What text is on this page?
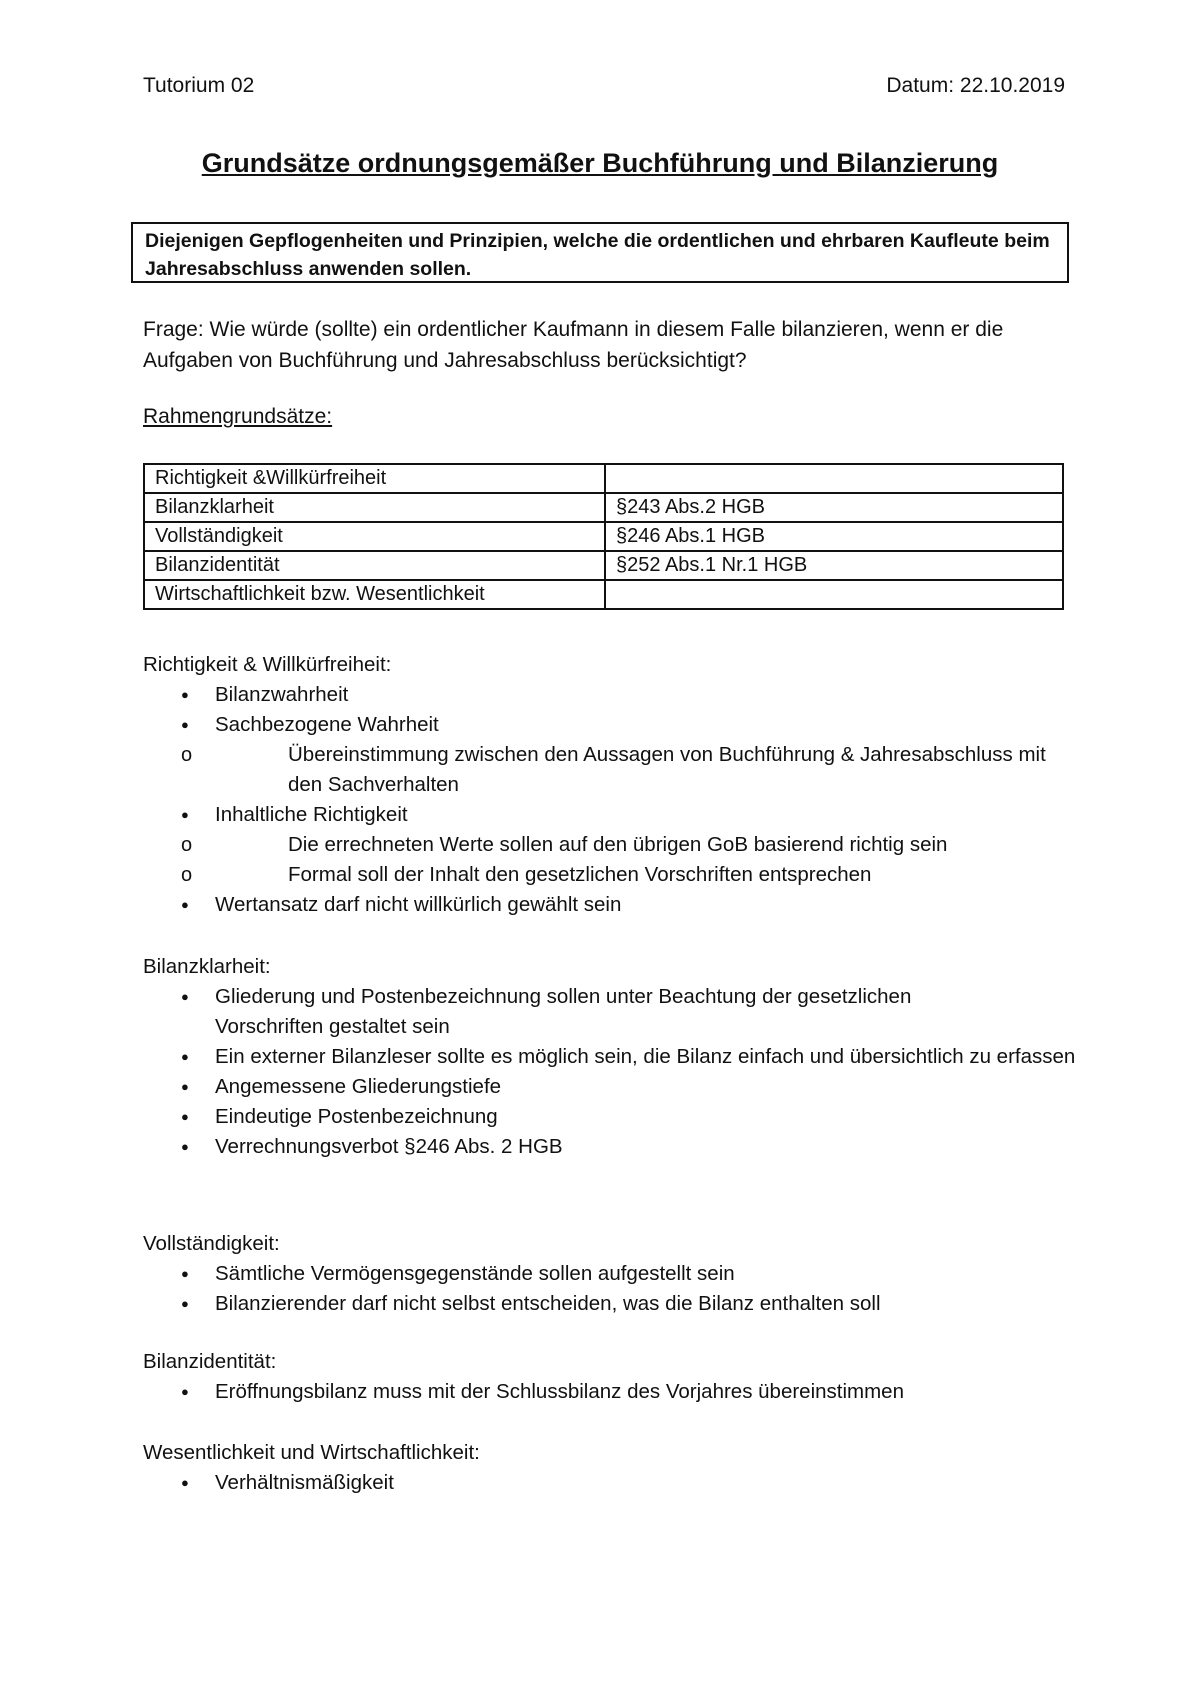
Tutorium 02	Datum: 22.10.2019
Grundsätze ordnungsgemäßer Buchführung und Bilanzierung
Diejenigen Gepflogenheiten und Prinzipien, welche die ordentlichen und ehrbaren Kaufleute beim Jahresabschluss anwenden sollen.
Frage: Wie würde (sollte) ein ordentlicher Kaufmann in diesem Falle bilanzieren, wenn er die Aufgaben von Buchführung und Jahresabschluss berücksichtigt?
Rahmengrundsätze:
Richtigkeit &Willkürfreiheit	
Bilanzklarheit	§243 Abs.2 HGB
Vollständigkeit	§246 Abs.1 HGB
Bilanzidentität	§252 Abs.1 Nr.1 HGB
Wirtschaftlichkeit bzw. Wesentlichkeit	
Richtigkeit & Willkürfreiheit:
● Bilanzwahrheit
● Sachbezogene Wahrheit
o Übereinstimmung zwischen den Aussagen von Buchführung & Jahresabschluss mit den Sachverhalten
● Inhaltliche Richtigkeit
o Die errechneten Werte sollen auf den übrigen GoB basierend richtig sein
o Formal soll der Inhalt den gesetzlichen Vorschriften entsprechen
● Wertansatz darf nicht willkürlich gewählt sein
Bilanzklarheit:
● Gliederung und Postenbezeichnung sollen unter Beachtung der gesetzlichen Vorschriften gestaltet sein
● Ein externer Bilanzleser sollte es möglich sein, die Bilanz einfach und übersichtlich zu erfassen
● Angemessene Gliederungstiefe
● Eindeutige Postenbezeichnung
● Verrechnungsverbot §246 Abs. 2 HGB
Vollständigkeit:
● Sämtliche Vermögensgegenstände sollen aufgestellt sein
● Bilanzierender darf nicht selbst entscheiden, was die Bilanz enthalten soll
Bilanzidentität:
● Eröffnungsbilanz muss mit der Schlussbilanz des Vorjahres übereinstimmen
Wesentlichkeit und Wirtschaftlichkeit:
● Verhältnismäßigkeit
